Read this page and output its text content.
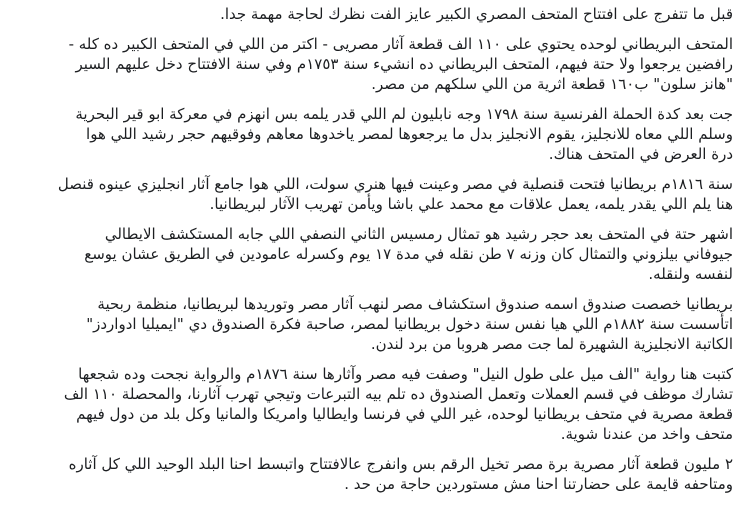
قبل ما تتفرج على افتتاح المتحف المصري الكبير عايز الفت نظرك لحاجة مهمة جدا.

المتحف البريطاني لوحده يحتوي على ١١٠ الف قطعة آثار مصريى - اكتر من اللي في المتحف الكبير ده كله -
رافضين يرجعوا ولا حتة فيهم، المتحف البريطاني ده انشيء سنة ١٧٥٣م وفي سنة الافتتاح دخل عليهم السير
"هانز سلون" ب١٦٠ قطعة اثرية من اللي سلكهم من مصر.

جت بعد كدة الحملة الفرنسية سنة ١٧٩٨ وجه نابليون لم اللي قدر يلمه بس انهزم في معركة ابو قير البحرية
وسلم اللي معاه للانجليز، يقوم الانجليز بدل ما يرجعوها لمصر ياخدوها معاهم وفوقيهم حجر رشيد اللي هوا
درة العرض في المتحف هناك.

سنة ١٨١٦م بريطانيا فتحت قنصلية في مصر وعينت فيها هنري سولت، اللي هوا جامع آثار انجليزي عينوه قنصل
هنا يلم اللي يقدر يلمه، يعمل علاقات مع محمد علي باشا ويأمن تهريب الآثار لبريطانيا.

اشهر حتة في المتحف بعد حجر رشيد هو تمثال رمسيس الثاني النصفي اللي جابه المستكشف الايطالي
جيوفاني بيلزوني والتمثال كان وزنه ٧ طن نقله في مدة ١٧ يوم وكسرله عامودين في الطريق عشان يوسع
لنفسه ولنقله.

بريطانيا خصصت صندوق اسمه صندوق استكشاف مصر لنهب آثار مصر وتوريدها لبريطانيا، منظمة ربحية
اتأسست سنة ١٨٨٢م اللي هيا نفس سنة دخول بريطانيا لمصر، صاحبة فكرة الصندوق دي "ايميليا ادواردز"
الكاتبة الانجليزية الشهيرة لما جت مصر هروبا من برد لندن.

كتبت هنا رواية "الف ميل على طول النيل" وصفت فيه مصر وآثارها سنة ١٨٧٦م والرواية نجحت وده شجعها
تشارك موظف في قسم العملات وتعمل الصندوق ده تلم بيه التبرعات وتيجي تهرب آثارنا، والمحصلة ١١٠ الف
قطعة مصرية في متحف بريطانيا لوحده، غير اللي في فرنسا وايطاليا وامريكا والمانيا وكل بلد من دول فيهم
متحف واخد من عندنا شوية.

٢ مليون قطعة آثار مصرية برة مصر تخيل الرقم بس وانفرج عالافتتاح واتبسط احنا البلد الوحيد اللي كل آثاره
ومتاحفه قايمة على حضارتنا احنا مش مستوردين حاجة من حد .
